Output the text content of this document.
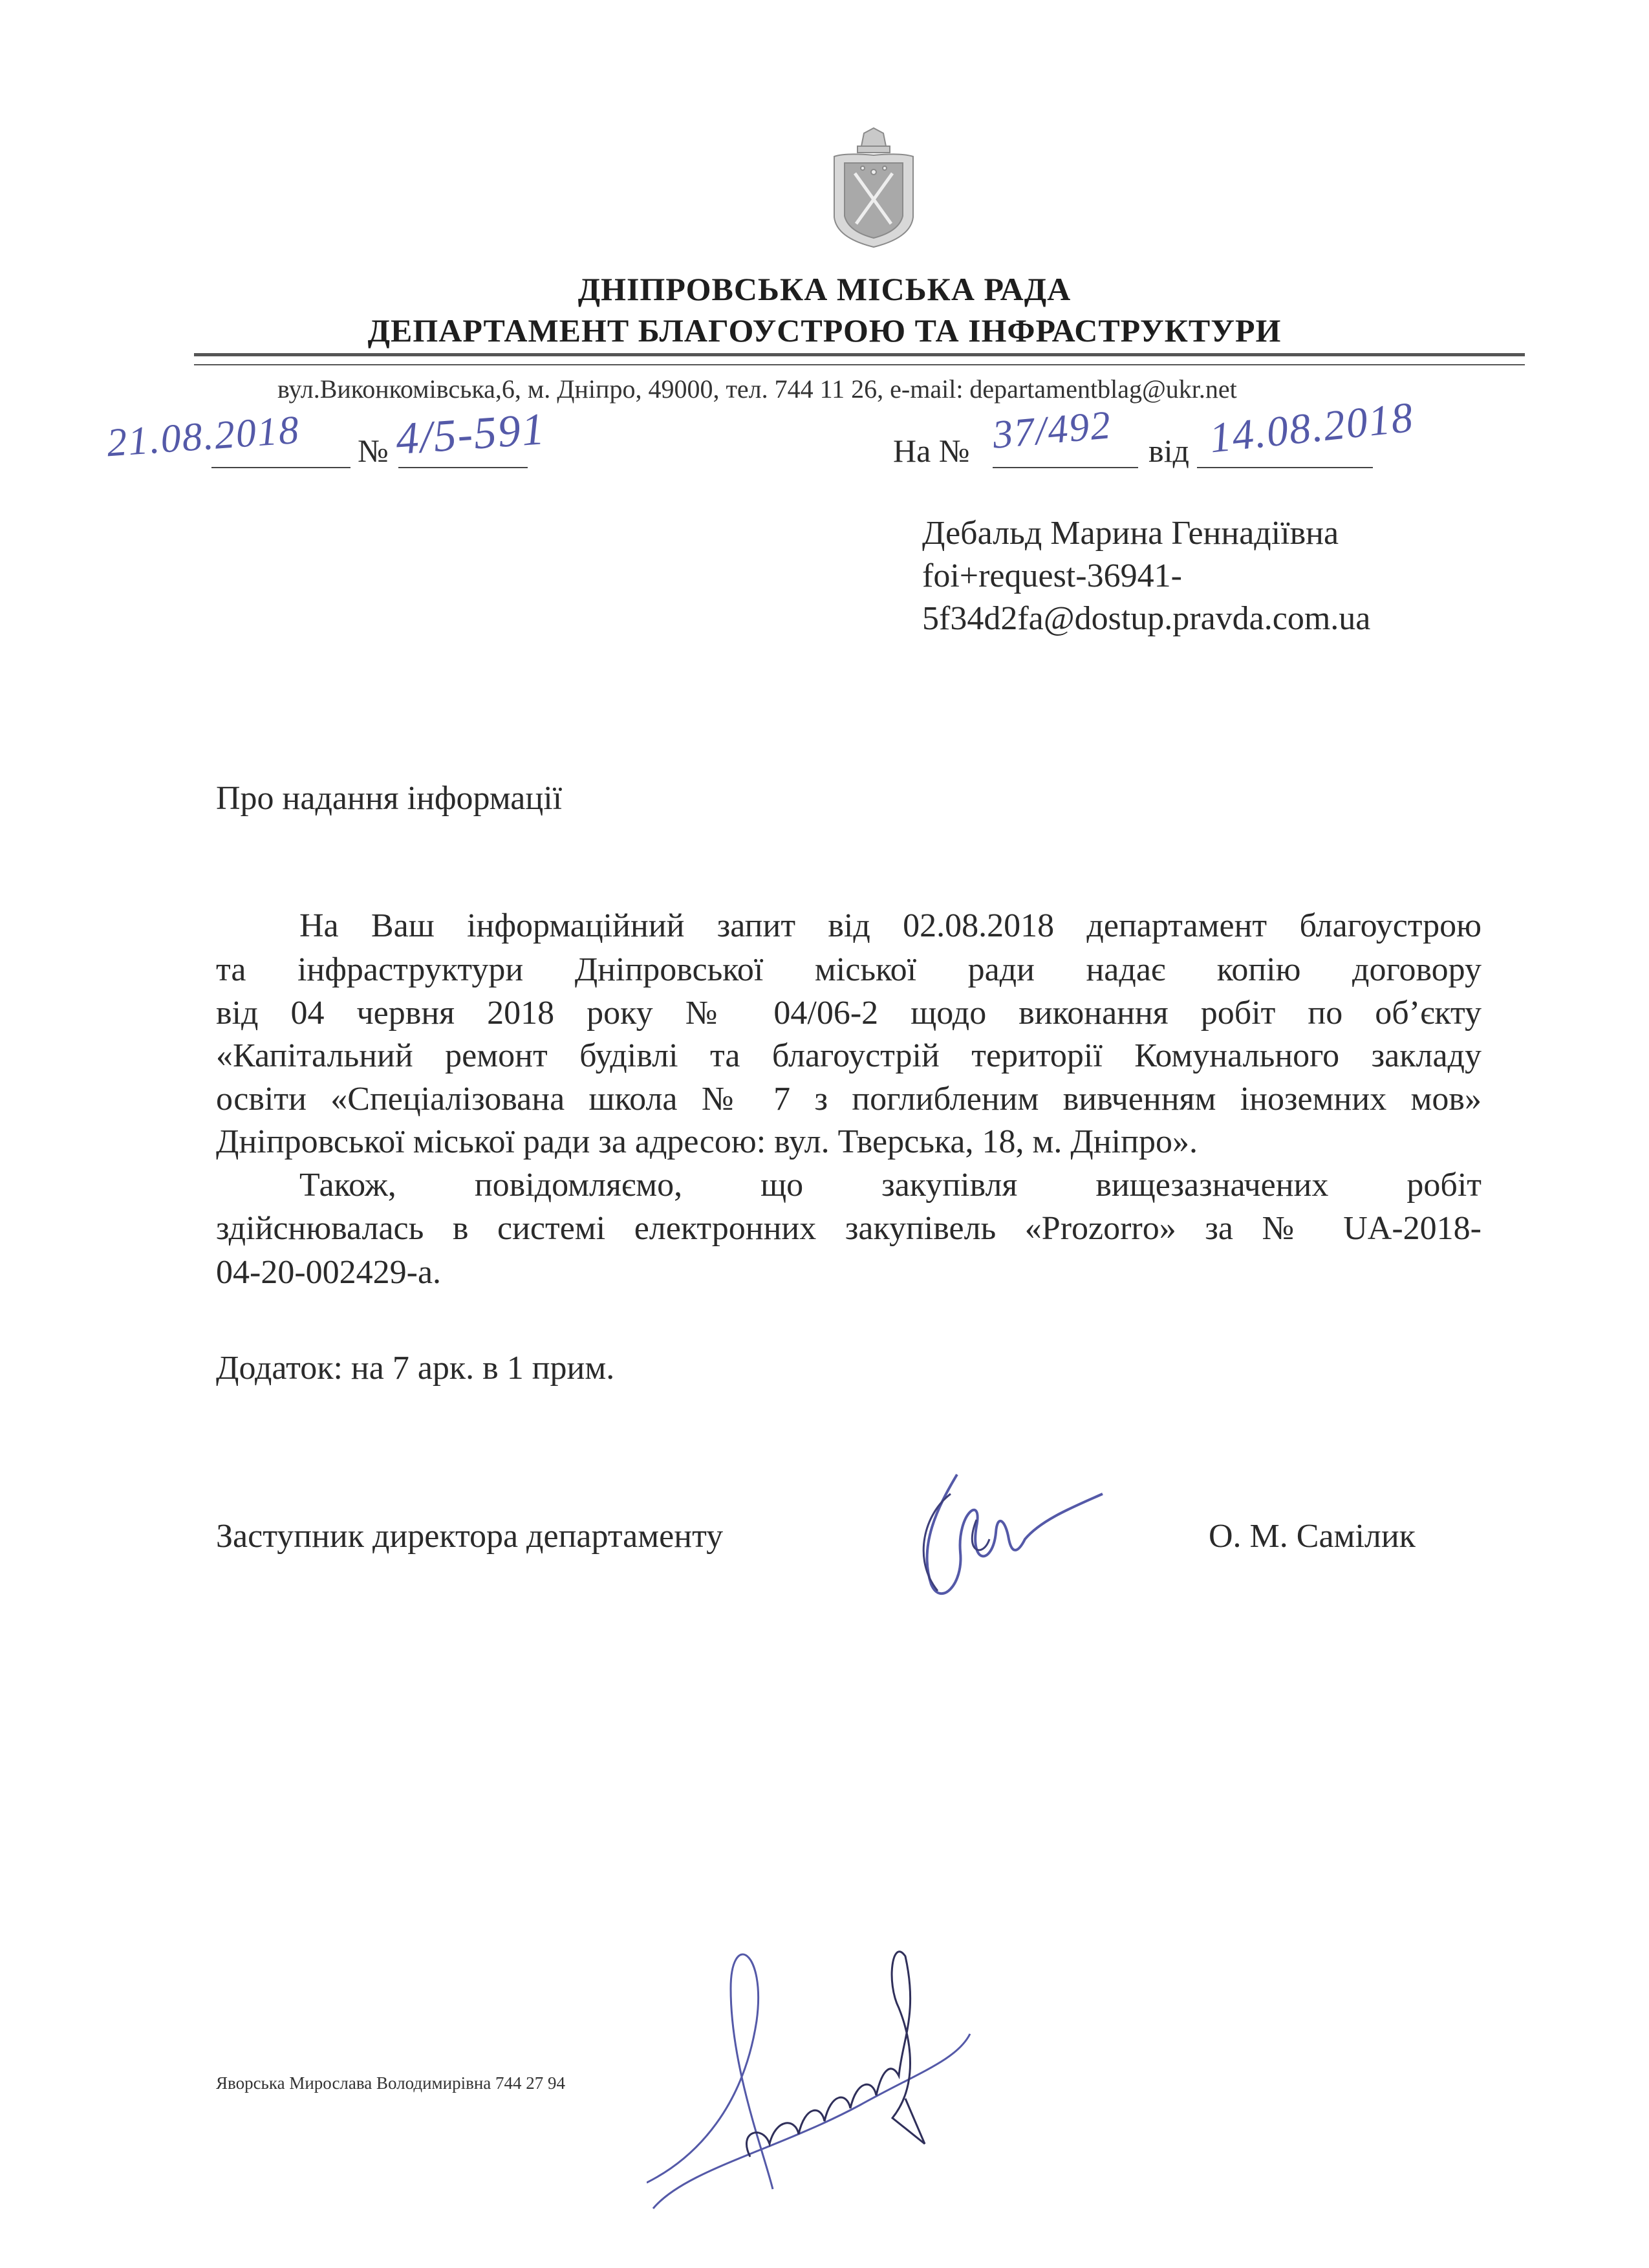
ДНІПРОВСЬКА МІСЬКА РАДА
ДЕПАРТАМЕНТ БЛАГОУСТРОЮ ТА ІНФРАСТРУКТУРИ
вул.Виконкомівська,6, м. Дніпро, 49000, тел. 744 11 26, e-mail: departamentblag@ukr.net
21.08.2018 № 4/5-591	На № 37/492 від 14.08.2018
Дебальд Марина Геннадіївна
foi+request-36941-
5f34d2fa@dostup.pravda.com.ua
Про надання інформації
На Ваш інформаційний запит від 02.08.2018 департамент благоустрою
та інфраструктури Дніпровської міської ради надає копію договору
від 04 червня 2018 року № 04/06-2 щодо виконання робіт по об’єкту
«Капітальний ремонт будівлі та благоустрій території Комунального закладу
освіти «Спеціалізована школа № 7 з поглибленим вивченням іноземних мов»
Дніпровської міської ради за адресою: вул. Тверська, 18, м. Дніпро».
Також, повідомляємо, що закупівля вищезазначених робіт
здійснювалась в системі електронних закупівель «Prozorro» за № UA-2018-
04-20-002429-а.
Додаток: на 7 арк. в 1 прим.
Заступник директора департаменту	О. М. Самілик
Яворська Мирослава Володимирівна 744 27 94
